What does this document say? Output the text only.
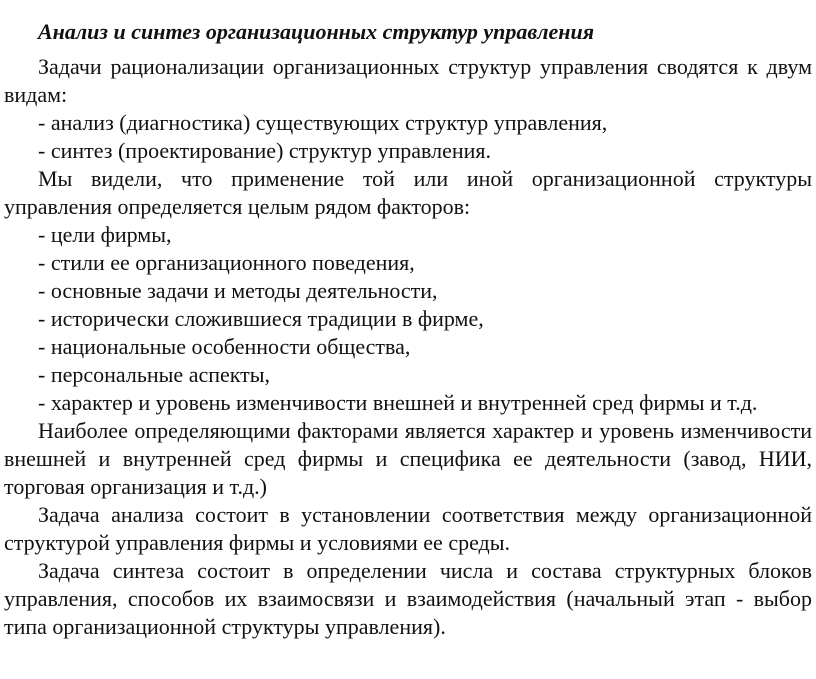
Анализ и синтез организационных структур управления

Задачи рационализации организационных структур управления сводятся к двум видам:

- анализ (диагностика) существующих структур управления,

- синтез (проектирование) структур управления.

Мы видели, что применение той или иной организационной структуры управления определяется целым рядом факторов:

- цели фирмы,

- стили ее организационного поведения,

- основные задачи и методы деятельности,

- исторически сложившиеся традиции в фирме,

- национальные особенности общества,

- персональные аспекты,

- характер и уровень изменчивости внешней и внутренней сред фирмы и т.д.

Наиболее определяющими факторами является характер и уровень изменчивости внешней и внутренней сред фирмы и специфика ее деятельности (завод, НИИ, торговая организация и т.д.)

Задача анализа состоит в установлении соответствия между организационной структурой управления фирмы и условиями ее среды.

Задача синтеза состоит в определении числа и состава структурных блоков управления, способов их взаимосвязи и взаимодействия (начальный этап - выбор типа организационной структуры управления).
